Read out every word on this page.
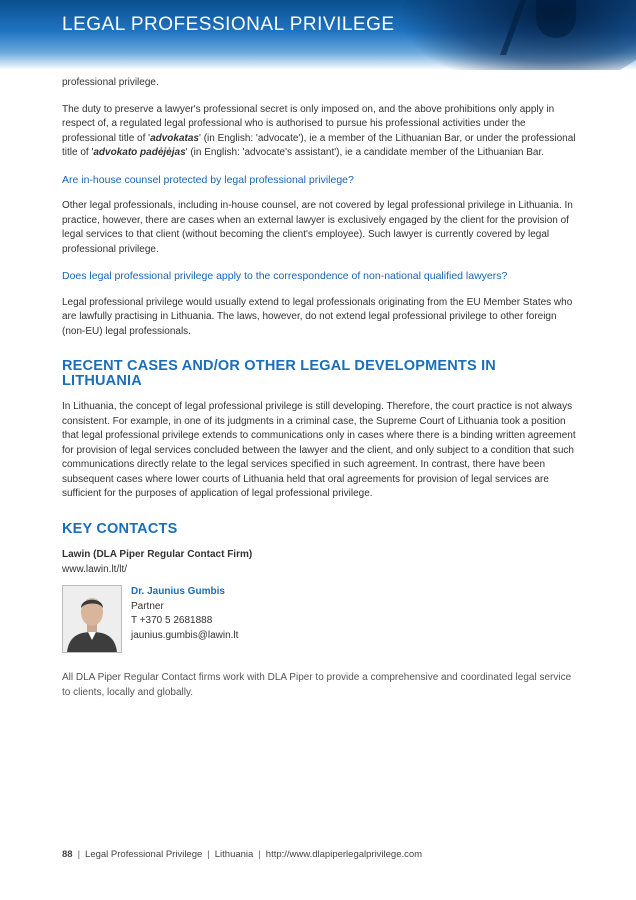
LEGAL PROFESSIONAL PRIVILEGE

professional privilege.

The duty to preserve a lawyer's professional secret is only imposed on, and the above prohibitions only apply in respect of, a regulated legal professional who is authorised to pursue his professional activities under the professional title of 'advokatas' (in English: 'advocate'), ie a member of the Lithuanian Bar, or under the professional title of 'advokato padėjėjas' (in English: 'advocate's assistant'), ie a candidate member of the Lithuanian Bar.

Are in-house counsel protected by legal professional privilege?

Other legal professionals, including in-house counsel, are not covered by legal professional privilege in Lithuania. In practice, however, there are cases when an external lawyer is exclusively engaged by the client for the provision of legal services to that client (without becoming the client's employee). Such lawyer is currently covered by legal professional privilege.

Does legal professional privilege apply to the correspondence of non-national qualified lawyers?

Legal professional privilege would usually extend to legal professionals originating from the EU Member States who are lawfully practising in Lithuania. The laws, however, do not extend legal professional privilege to other foreign (non-EU) legal professionals.

RECENT CASES AND/OR OTHER LEGAL DEVELOPMENTS IN LITHUANIA

In Lithuania, the concept of legal professional privilege is still developing. Therefore, the court practice is not always consistent. For example, in one of its judgments in a criminal case, the Supreme Court of Lithuania took a position that legal professional privilege extends to communications only in cases where there is a binding written agreement for provision of legal services concluded between the lawyer and the client, and only subject to a condition that such communications directly relate to the legal services specified in such agreement. In contrast, there have been subsequent cases where lower courts of Lithuania held that oral agreements for provision of legal services are sufficient for the purposes of application of legal professional privilege.

KEY CONTACTS

Lawin (DLA Piper Regular Contact Firm)

www.lawin.lt/lt/

Dr. Jaunius Gumbis
Partner
T +370 5 2681888
jaunius.gumbis@lawin.lt

All DLA Piper Regular Contact firms work with DLA Piper to provide a comprehensive and coordinated legal service to clients, locally and globally.

88 | Legal Professional Privilege | Lithuania | http://www.dlapiperlegalprivilege.com
